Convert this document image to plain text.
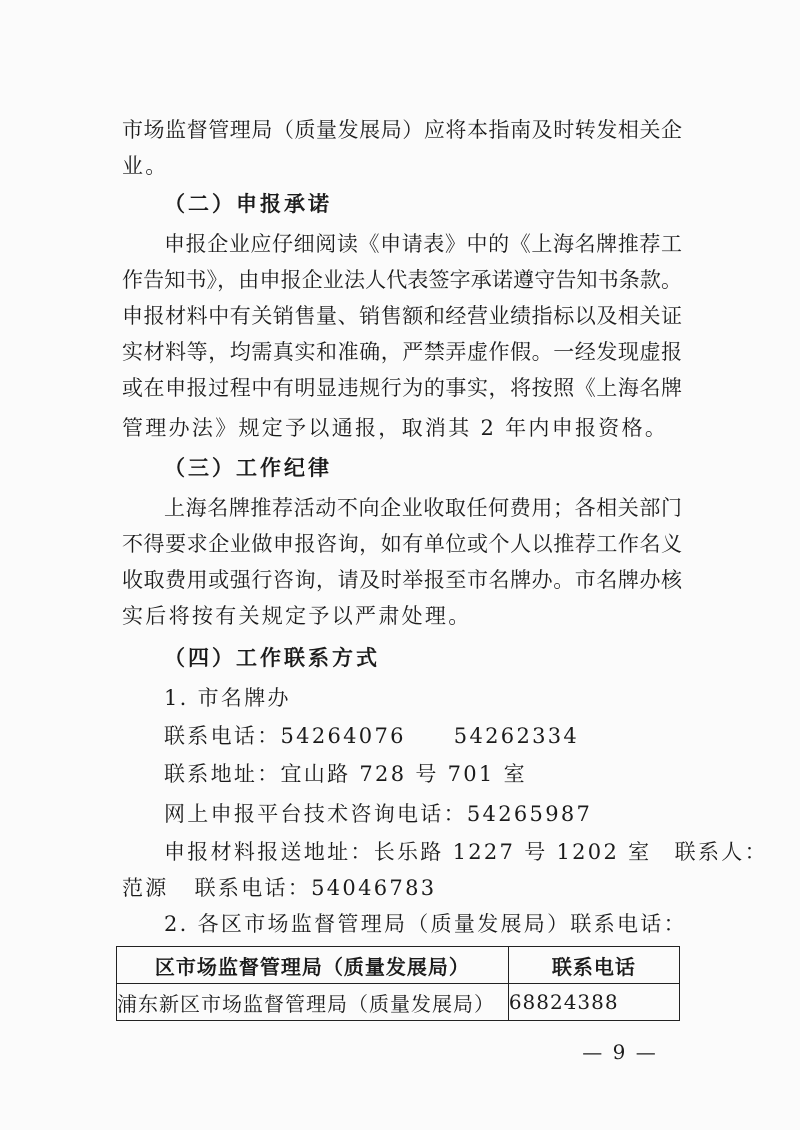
市场监督管理局（质量发展局）应将本指南及时转发相关企
业。
（二）申报承诺
申报企业应仔细阅读《申请表》中的《上海名牌推荐工
作告知书》，由申报企业法人代表签字承诺遵守告知书条款。
申报材料中有关销售量、销售额和经营业绩指标以及相关证
实材料等，均需真实和准确，严禁弄虚作假。一经发现虚报
或在申报过程中有明显违规行为的事实，将按照《上海名牌
管理办法》规定予以通报，取消其 2 年内申报资格。
（三）工作纪律
上海名牌推荐活动不向企业收取任何费用；各相关部门
不得要求企业做申报咨询，如有单位或个人以推荐工作名义
收取费用或强行咨询，请及时举报至市名牌办。市名牌办核
实后将按有关规定予以严肃处理。
（四）工作联系方式
1. 市名牌办
联系电话：54264076 54262334
联系地址：宜山路 728 号 701 室
网上申报平台技术咨询电话：54265987
申报材料报送地址：长乐路 1227 号 1202 室　联系人：
范源 联系电话：54046783
2. 各区市场监督管理局（质量发展局）联系电话：
区市场监督管理局（质量发展局）	联系电话
浦东新区市场监督管理局（质量发展局）	68824388
— 9 —
